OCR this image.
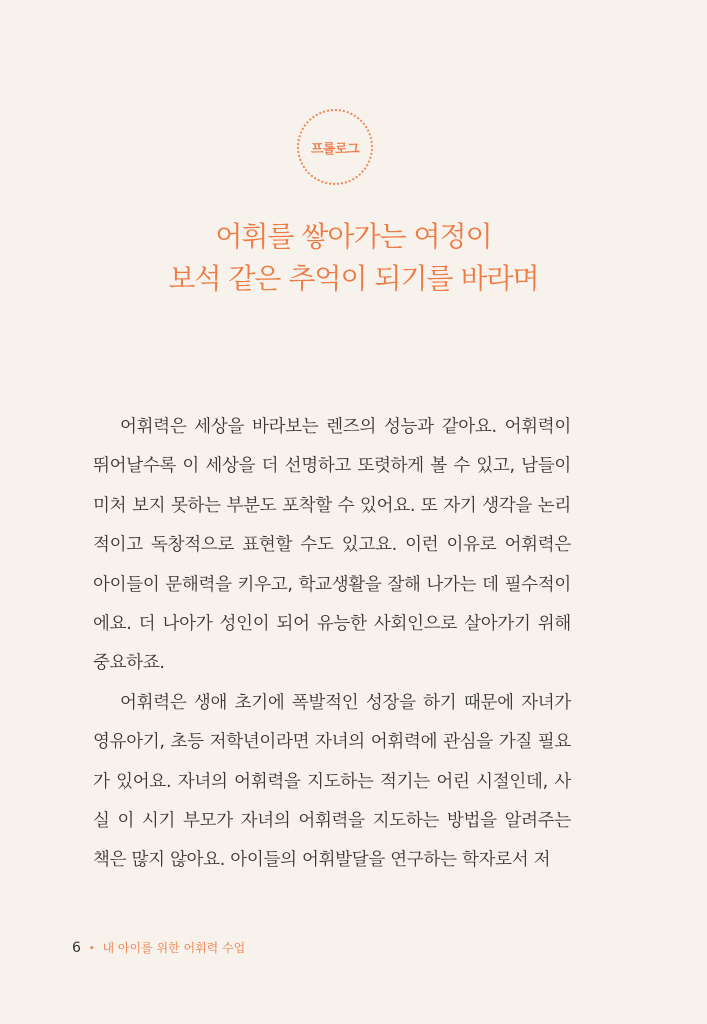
프롤로그
어휘를 쌓아가는 여정이
보석 같은 추억이 되기를 바라며

어휘력은 세상을 바라보는 렌즈의 성능과 같아요. 어휘력이 뛰어날수록 이 세상을 더 선명하고 또렷하게 볼 수 있고, 남들이 미처 보지 못하는 부분도 포착할 수 있어요. 또 자기 생각을 논리적이고 독창적으로 표현할 수도 있고요. 이런 이유로 어휘력은 아이들이 문해력을 키우고, 학교생활을 잘해 나가는 데 필수적이에요. 더 나아가 성인이 되어 유능한 사회인으로 살아가기 위해 중요하죠.

어휘력은 생애 초기에 폭발적인 성장을 하기 때문에 자녀가 영유아기, 초등 저학년이라면 자녀의 어휘력에 관심을 가질 필요가 있어요. 자녀의 어휘력을 지도하는 적기는 어린 시절인데, 사실 이 시기 부모가 자녀의 어휘력을 지도하는 방법을 알려주는 책은 많지 않아요. 아이들의 어휘발달을 연구하는 학자로서 저

6 • 내 아이를 위한 어휘력 수업
